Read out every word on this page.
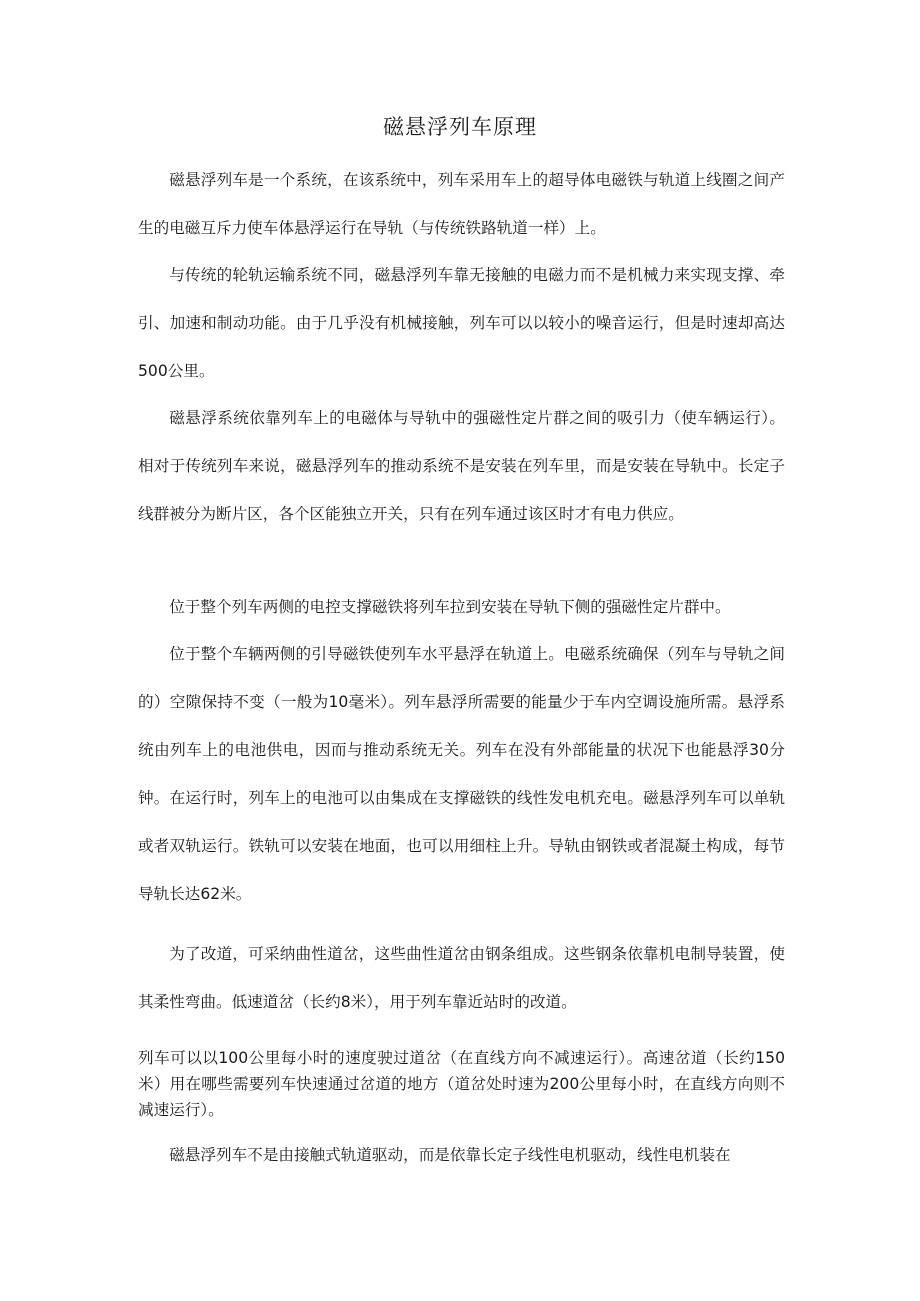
磁悬浮列车原理

磁悬浮列车是一个系统，在该系统中，列车采用车上的超导体电磁铁与轨道上线圈之间产生的电磁互斥力使车体悬浮运行在导轨（与传统铁路轨道一样）上。

与传统的轮轨运输系统不同，磁悬浮列车靠无接触的电磁力而不是机械力来实现支撑、牵引、加速和制动功能。由于几乎没有机械接触，列车可以以较小的噪音运行，但是时速却高达500公里。

磁悬浮系统依靠列车上的电磁体与导轨中的强磁性定片群之间的吸引力（使车辆运行）。相对于传统列车来说，磁悬浮列车的推动系统不是安装在列车里，而是安装在导轨中。长定子线群被分为断片区，各个区能独立开关，只有在列车通过该区时才有电力供应。

位于整个列车两侧的电控支撑磁铁将列车拉到安装在导轨下侧的强磁性定片群中。

位于整个车辆两侧的引导磁铁使列车水平悬浮在轨道上。电磁系统确保（列车与导轨之间的）空隙保持不变（一般为10毫米）。列车悬浮所需要的能量少于车内空调设施所需。悬浮系统由列车上的电池供电，因而与推动系统无关。列车在没有外部能量的状况下也能悬浮30分钟。在运行时，列车上的电池可以由集成在支撑磁铁的线性发电机充电。磁悬浮列车可以单轨或者双轨运行。铁轨可以安装在地面，也可以用细柱上升。导轨由钢铁或者混凝土构成，每节导轨长达62米。

为了改道，可采纳曲性道岔，这些曲性道岔由钢条组成。这些钢条依靠机电制导装置，使其柔性弯曲。低速道岔（长约8米），用于列车靠近站时的改道。

列车可以以100公里每小时的速度驶过道岔（在直线方向不减速运行）。高速岔道（长约150米）用在哪些需要列车快速通过岔道的地方（道岔处时速为200公里每小时，在直线方向则不减速运行）。

磁悬浮列车不是由接触式轨道驱动，而是依靠长定子线性电机驱动，线性电机装在
